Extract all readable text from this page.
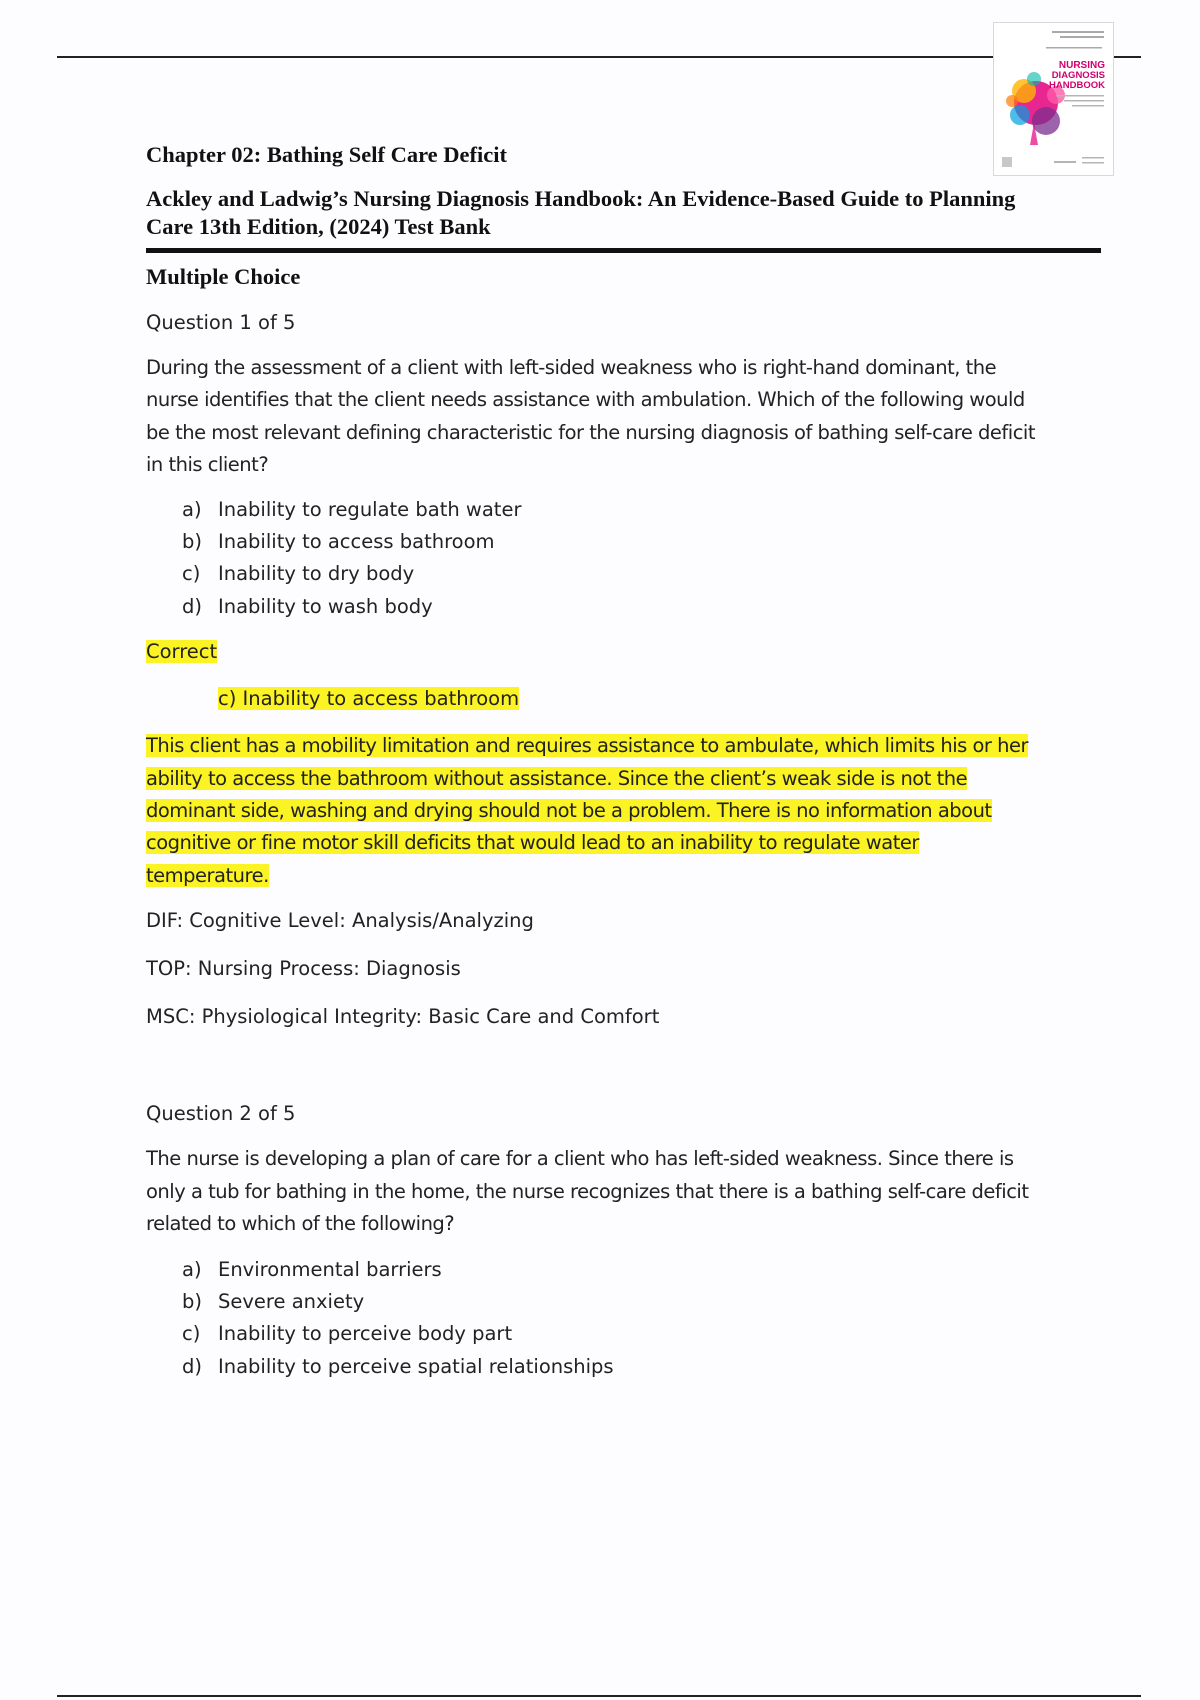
NURSING
DIAGNOSIS
HANDBOOK
Chapter 02: Bathing Self Care Deficit
Ackley and Ladwig’s Nursing Diagnosis Handbook: An Evidence-Based Guide to Planning
Care 13th Edition, (2024) Test Bank
Multiple Choice
Question 1 of 5
During the assessment of a client with left-sided weakness who is right-hand dominant, the
nurse identifies that the client needs assistance with ambulation. Which of the following would
be the most relevant defining characteristic for the nursing diagnosis of bathing self-care deficit
in this client?
a) Inability to regulate bath water
b) Inability to access bathroom
c) Inability to dry body
d) Inability to wash body
Correct
c) Inability to access bathroom
This client has a mobility limitation and requires assistance to ambulate, which limits his or her
ability to access the bathroom without assistance. Since the client’s weak side is not the
dominant side, washing and drying should not be a problem. There is no information about
cognitive or fine motor skill deficits that would lead to an inability to regulate water
temperature.
DIF: Cognitive Level: Analysis/Analyzing
TOP: Nursing Process: Diagnosis
MSC: Physiological Integrity: Basic Care and Comfort
Question 2 of 5
The nurse is developing a plan of care for a client who has left-sided weakness. Since there is
only a tub for bathing in the home, the nurse recognizes that there is a bathing self-care deficit
related to which of the following?
a) Environmental barriers
b) Severe anxiety
c) Inability to perceive body part
d) Inability to perceive spatial relationships
